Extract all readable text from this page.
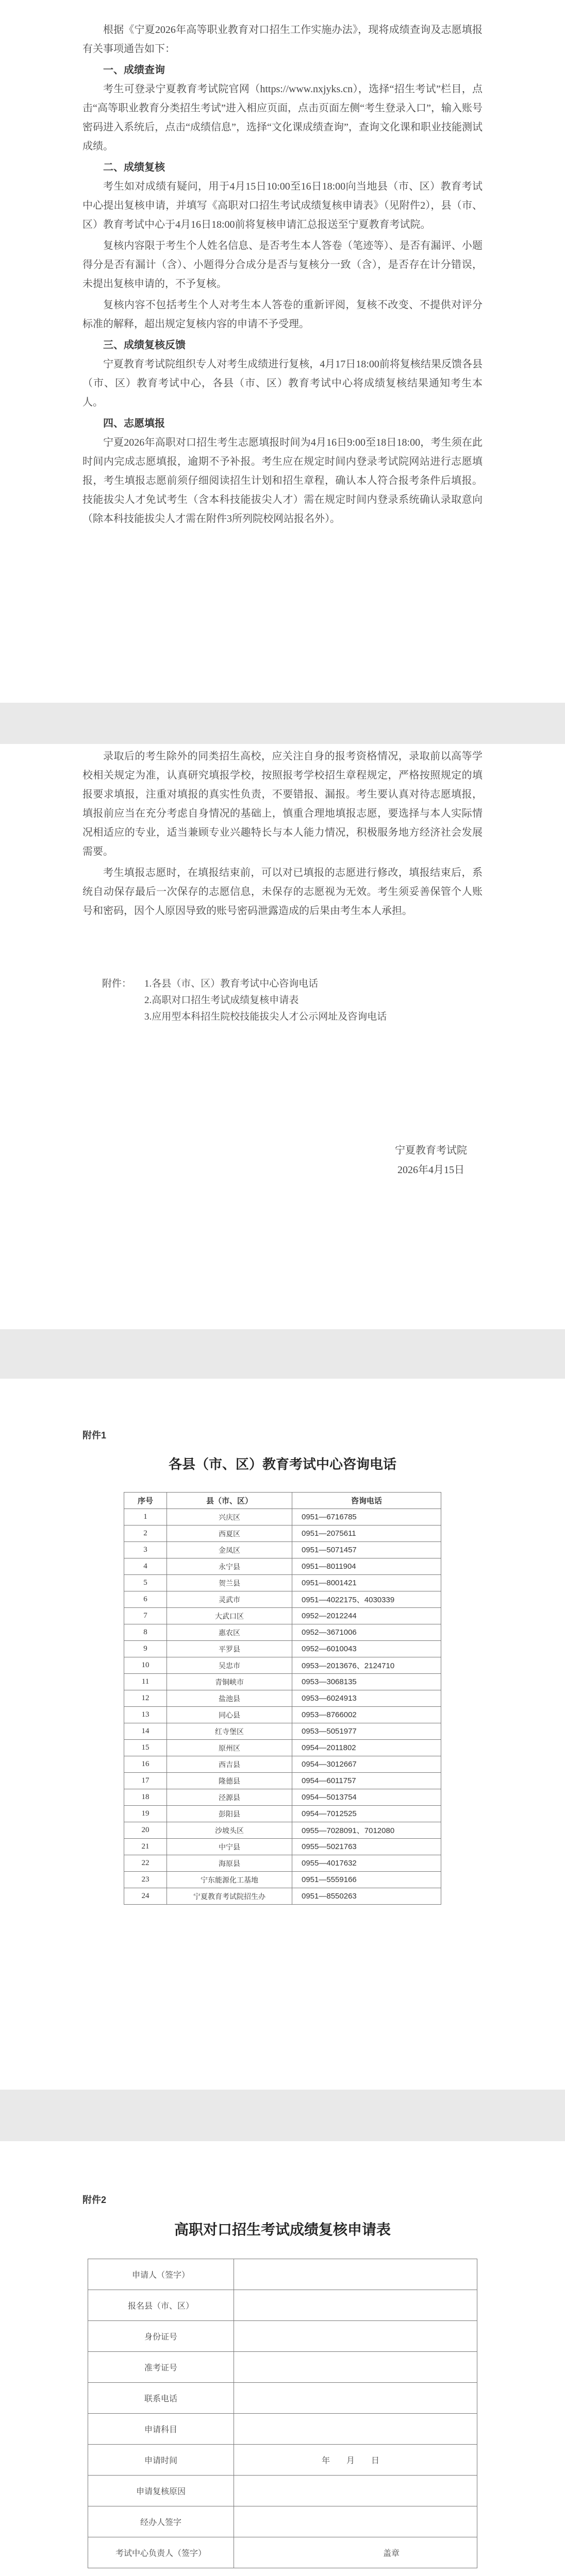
根据《宁夏2026年高等职业教育对口招生工作实施办法》，现将成绩查询及志愿填报有关事项通告如下：

一、成绩查询

考生可登录宁夏教育考试院官网（https://www.nxjyks.cn），选择“招生考试”栏目，点击“高等职业教育分类招生考试”进入相应页面，点击页面左侧“考生登录入口”，输入账号密码进入系统后，点击“成绩信息”，选择“文化课成绩查询”，查询文化课和职业技能测试成绩。

二、成绩复核

考生如对成绩有疑问，用于4月15日10:00至16日18:00向当地县（市、区）教育考试中心提出复核申请，并填写《高职对口招生考试成绩复核申请表》（见附件2），县（市、区）教育考试中心于4月16日18:00前将复核申请汇总报送至宁夏教育考试院。

复核内容限于考生个人姓名信息、是否考生本人答卷（笔迹等）、是否有漏评、小题得分是否有漏计（含）、小题得分合成分是否与复核分一致（含），是否存在计分错误，未提出复核申请的，不予复核。

复核内容不包括考生个人对考生本人答卷的重新评阅，复核不改变、不提供对评分标准的解释，超出规定复核内容的申请不予受理。

三、成绩复核反馈

宁夏教育考试院组织专人对考生成绩进行复核，4月17日18:00前将复核结果反馈各县（市、区）教育考试中心，各县（市、区）教育考试中心将成绩复核结果通知考生本人。

四、志愿填报

宁夏2026年高职对口招生考生志愿填报时间为4月16日9:00至18日18:00，考生须在此时间内完成志愿填报，逾期不予补报。考生应在规定时间内登录考试院网站进行志愿填报，考生填报志愿前须仔细阅读招生计划和招生章程，确认本人符合报考条件后填报。技能拔尖人才免试考生（含本科技能拔尖人才）需在规定时间内登录系统确认录取意向（除本科技能拔尖人才需在附件3所列院校网站报名外）。

录取后的考生除外的同类招生高校，应关注自身的报考资格情况，录取前以高等学校相关规定为准，认真研究填报学校，按照报考学校招生章程规定，严格按照规定的填报要求填报，注重对填报的真实性负责，不要错报、漏报。考生要认真对待志愿填报，填报前应当在充分考虑自身情况的基础上，慎重合理地填报志愿，要选择与本人实际情况相适应的专业，适当兼顾专业兴趣特长与本人能力情况，积极服务地方经济社会发展需要。

考生填报志愿时，在填报结束前，可以对已填报的志愿进行修改，填报结束后，系统自动保存最后一次保存的志愿信息，未保存的志愿视为无效。考生须妥善保管个人账号和密码，因个人原因导致的账号密码泄露造成的后果由考生本人承担。

附件：	1.各县（市、区）教育考试中心咨询电话
2.高职对口招生考试成绩复核申请表
3.应用型本科招生院校技能拔尖人才公示网址及咨询电话
宁夏教育考试院
2026年4月15日
附件1
各县（市、区）教育考试中心咨询电话
序号	县（市、区）	咨询电话
1	兴庆区	0951—6716785
2	西夏区	0951—2075611
3	金凤区	0951—5071457
4	永宁县	0951—8011904
5	贺兰县	0951—8001421
6	灵武市	0951—4022175、4030339
7	大武口区	0952—2012244
8	惠农区	0952—3671006
9	平罗县	0952—6010043
10	吴忠市	0953—2013676、2124710
11	青铜峡市	0953—3068135
12	盐池县	0953—6024913
13	同心县	0953—8766002
14	红寺堡区	0953—5051977
15	原州区	0954—2011802
16	西吉县	0954—3012667
17	隆德县	0954—6011757
18	泾源县	0954—5013754
19	彭阳县	0954—7012525
20	沙坡头区	0955—7028091、7012080
21	中宁县	0955—5021763
22	海原县	0955—4017632
23	宁东能源化工基地	0951—5559166
24	宁夏教育考试院招生办	0951—8550263
附件2
高职对口招生考试成绩复核申请表
申请人（签字）	
报名县（市、区）	
身份证号	
准考证号	
联系电话	
申请科目	
申请时间	年　　月　　日
申请复核原因	
经办人签字	
考试中心负责人（签字）	盖章
